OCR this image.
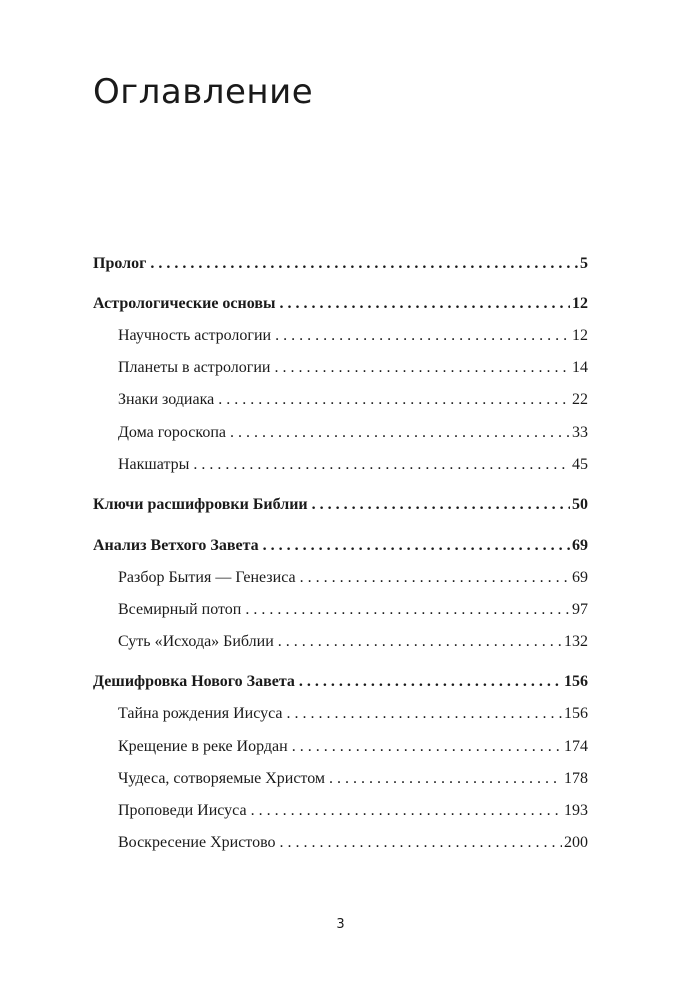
Оглавление
Пролог . . .	5
Астрологические основы . . .	12
Научность астрологии . . .	12
Планеты в астрологии . . .	14
Знаки зодиака . . .	22
Дома гороскопа . . .	33
Накшатры . . .	45
Ключи расшифровки Библии . . .	50
Анализ Ветхого Завета . . .	69
Разбор Бытия — Генезиса . . .	69
Всемирный потоп . . .	97
Суть «Исхода» Библии . . .	132
Дешифровка Нового Завета . . .	156
Тайна рождения Иисуса . . .	156
Крещение в реке Иордан . . .	174
Чудеса, сотворяемые Христом . . .	178
Проповеди Иисуса . . .	193
Воскресение Христово . . .	200
3
